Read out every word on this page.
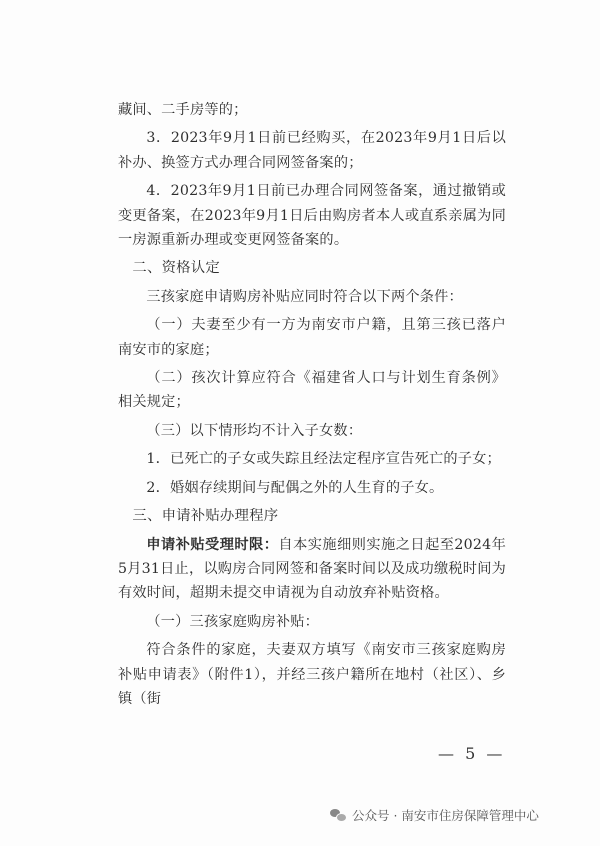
藏间、二手房等的；

3．2023年9月1日前已经购买，在2023年9月1日后以补办、换签方式办理合同网签备案的；

4．2023年9月1日前已办理合同网签备案，通过撤销或变更备案，在2023年9月1日后由购房者本人或直系亲属为同一房源重新办理或变更网签备案的。

二、资格认定

三孩家庭申请购房补贴应同时符合以下两个条件：

（一）夫妻至少有一方为南安市户籍，且第三孩已落户南安市的家庭；

（二）孩次计算应符合《福建省人口与计划生育条例》相关规定；

（三）以下情形均不计入子女数：

1．已死亡的子女或失踪且经法定程序宣告死亡的子女；

2．婚姻存续期间与配偶之外的人生育的子女。

三、申请补贴办理程序

申请补贴受理时限：自本实施细则实施之日起至2024年5月31日止，以购房合同网签和备案时间以及成功缴税时间为有效时间，超期未提交申请视为自动放弃补贴资格。

（一）三孩家庭购房补贴：

符合条件的家庭，夫妻双方填写《南安市三孩家庭购房补贴申请表》（附件1），并经三孩户籍所在地村（社区）、乡镇（街

— 5 —
公众号 · 南安市住房保障管理中心
